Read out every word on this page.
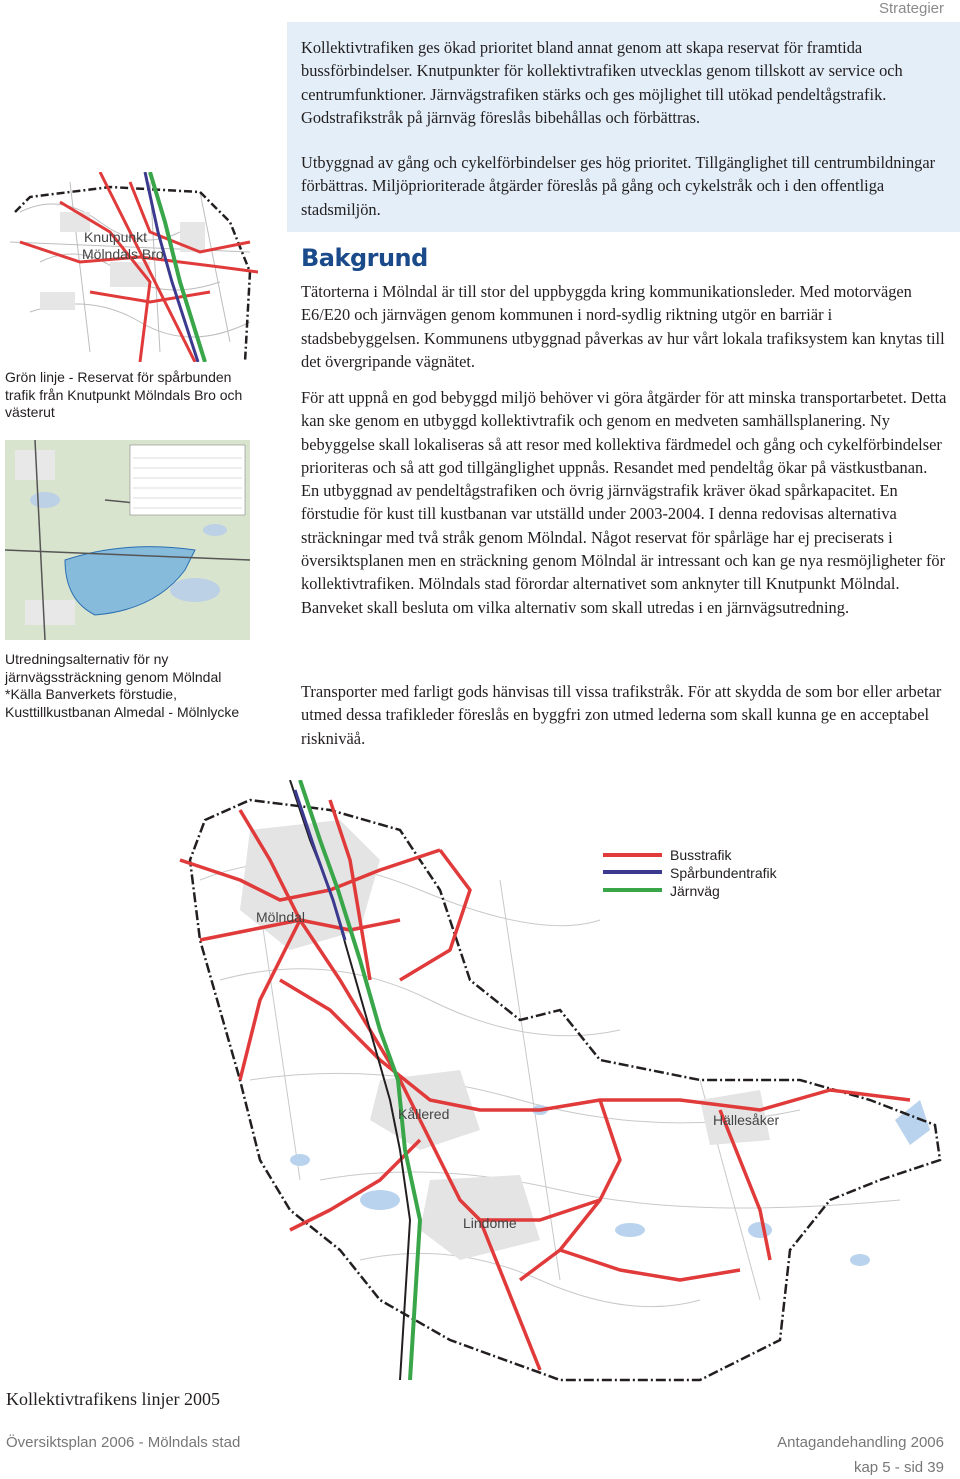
Strategier

Kollektivtrafiken ges ökad prioritet bland annat genom att skapa reservat för framtida bussförbindelser. Knutpunkter för kollektivtrafiken utvecklas genom tillskott av service och centrumfunktioner. Järnvägstrafiken stärks och ges möjlighet till utökad pendeltågstrafik. Godstrafikstråk på järnväg föreslås bibehållas och förbättras.

Utbyggnad av gång och cykelförbindelser ges hög prioritet. Tillgänglighet till centrumbildningar förbättras. Miljöprioriterade åtgärder föreslås på gång och cykelstråk och i den offentliga stadsmiljön.

Bakgrund

Tätorterna i Mölndal är till stor del uppbyggda kring kommunikationsleder. Med motorvägen E6/E20 och järnvägen genom kommunen i nord-sydlig riktning utgör en barriär i stadsbebyggelsen. Kommunens utbyggnad påverkas av hur vårt lokala trafiksystem kan knytas till det övergripande vägnätet.

För att uppnå en god bebyggd miljö behöver vi göra åtgärder för att minska transportarbetet. Detta kan ske genom en utbyggd kollektivtrafik och genom en medveten samhällsplanering. Ny bebyggelse skall lokaliseras så att resor med kollektiva färdmedel och gång och cykelförbindelser prioriteras och så att god tillgänglighet uppnås. Resandet med pendeltåg ökar på västkustbanan. En utbyggnad av pendeltågstrafiken och övrig järnvägstrafik kräver ökad spårkapacitet. En förstudie för kust till kustbanan var utställd under 2003-2004. I denna redovisas alternativa sträckningar med två stråk genom Mölndal. Något reservat för spårläge har ej preciserats i översiktsplanen men en sträckning genom Mölndal är intressant och kan ge nya resmöjligheter för kollektivtrafiken. Mölndals stad förordar alternativet som anknyter till Knutpunkt Mölndal. Banveket skall besluta om vilka alternativ som skall utredas i en järnvägsutredning.

Transporter med farligt gods hänvisas till vissa trafikstråk. För att skydda de som bor eller arbetar utmed dessa trafikleder föreslås en byggfri zon utmed lederna som skall kunna ge en acceptabel riskniväå.

Knutpunkt
Mölndals Bro
Grön linje - Reservat för spårbunden trafik från Knutpunkt Mölndals Bro och västerut
Utredningsalternativ för ny järnvägssträckning genom Mölndal *Källa Banverkets förstudie, Kusttillkustbanan Almedal - Mölnlycke
Mölndal
Kållered	Hällesåker
Lindome
Busstrafik
Spårbundentrafik
Järnväg
Kollektivtrafikens linjer 2005
Översiktsplan 2006 - Mölndals stad	Antagandehandling 2006
kap 5 - sid 39
